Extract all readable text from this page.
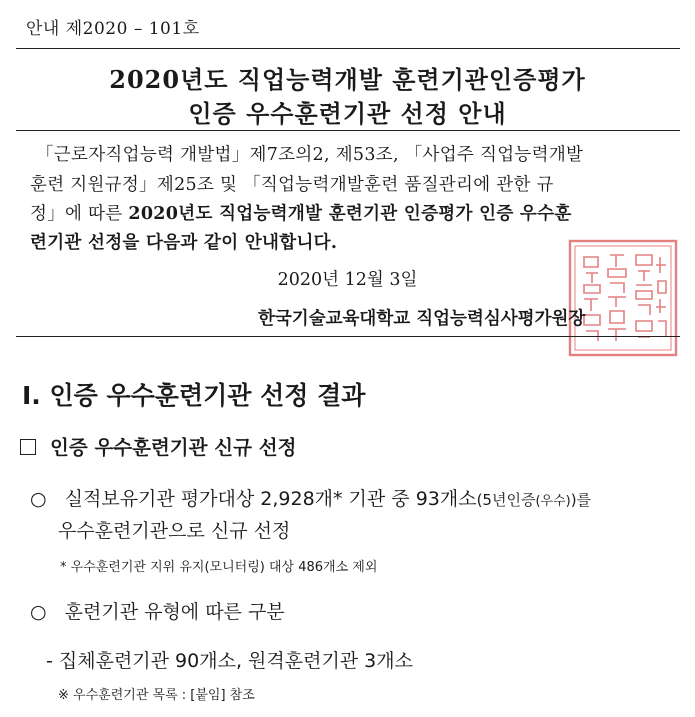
안내 제2020 – 101호
2020년도 직업능력개발 훈련기관인증평가
인증 우수훈련기관 선정 안내
「근로자직업능력 개발법」제7조의2, 제53조, 「사업주 직업능력개발
훈련 지원규정」제25조 및 「직업능력개발훈련 품질관리에 관한 규
정」에 따른 2020년도 직업능력개발 훈련기관 인증평가 인증 우수훈
련기관 선정을 다음과 같이 안내합니다.
2020년 12월 3일
한국기술교육대학교 직업능력심사평가원장
Ⅰ. 인증 우수훈련기관 선정 결과
인증 우수훈련기관 신규 선정
○ 실적보유기관 평가대상 2,928개* 기관 중 93개소(5년인증(우수))를
우수훈련기관으로 신규 선정
* 우수훈련기관 지위 유지(모니터링) 대상 486개소 제외
○ 훈련기관 유형에 따른 구분
- 집체훈련기관 90개소, 원격훈련기관 3개소
※ 우수훈련기관 목록 : [붙임] 참조
